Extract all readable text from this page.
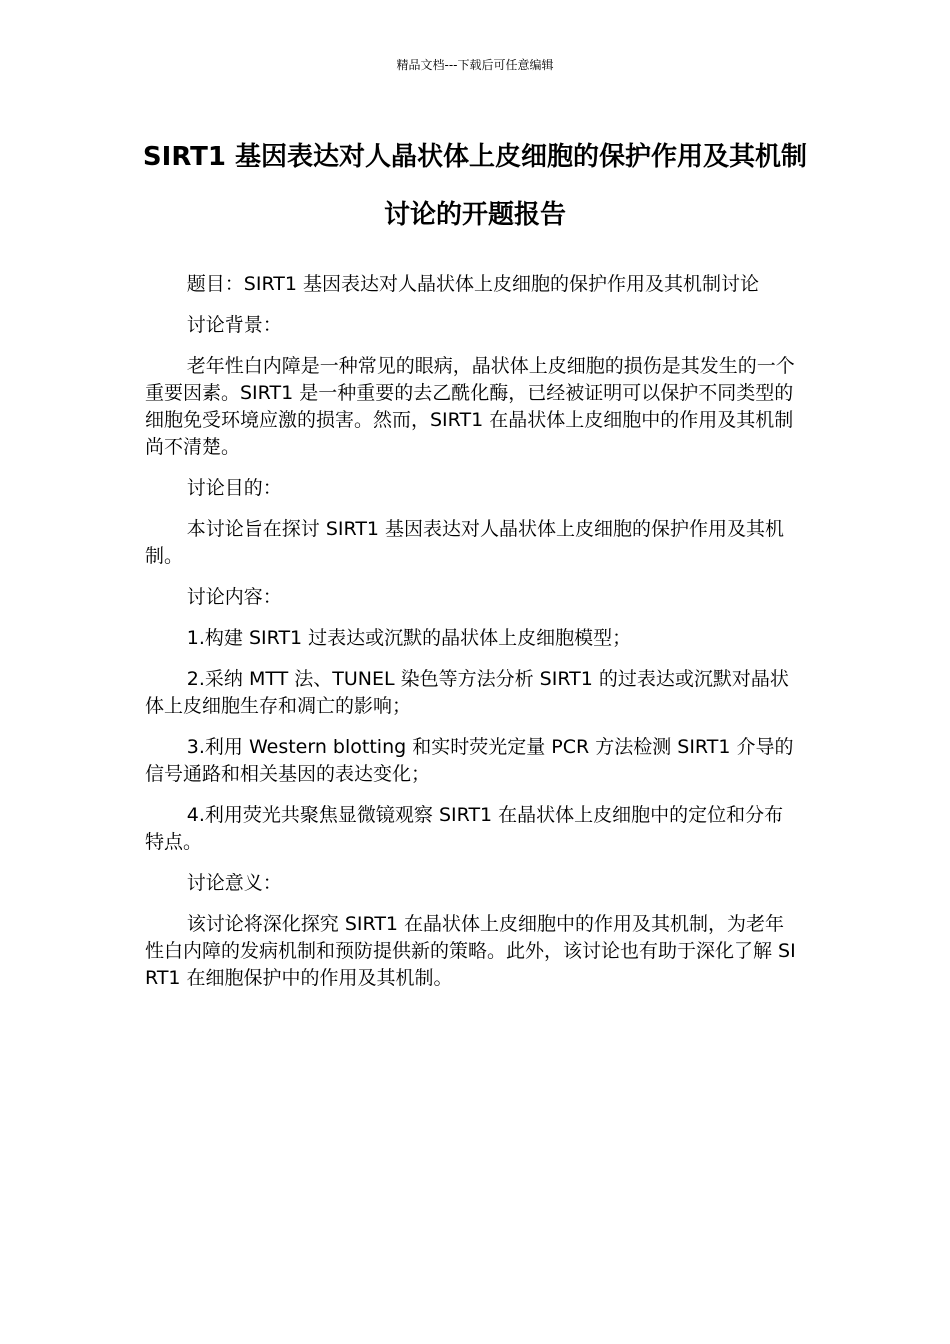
精品文档---下载后可任意编辑
SIRT1 基因表达对人晶状体上皮细胞的保护作用及其机制讨论的开题报告

题目：SIRT1 基因表达对人晶状体上皮细胞的保护作用及其机制讨论

讨论背景：

老年性白内障是一种常见的眼病，晶状体上皮细胞的损伤是其发生的一个重要因素。SIRT1 是一种重要的去乙酰化酶，已经被证明可以保护不同类型的细胞免受环境应激的损害。然而，SIRT1 在晶状体上皮细胞中的作用及其机制尚不清楚。

讨论目的：

本讨论旨在探讨 SIRT1 基因表达对人晶状体上皮细胞的保护作用及其机制。

讨论内容：

1.构建 SIRT1 过表达或沉默的晶状体上皮细胞模型；

2.采纳 MTT 法、TUNEL 染色等方法分析 SIRT1 的过表达或沉默对晶状体上皮细胞生存和凋亡的影响；

3.利用 Western blotting 和实时荧光定量 PCR 方法检测 SIRT1 介导的信号通路和相关基因的表达变化；

4.利用荧光共聚焦显微镜观察 SIRT1 在晶状体上皮细胞中的定位和分布特点。

讨论意义：

该讨论将深化探究 SIRT1 在晶状体上皮细胞中的作用及其机制，为老年性白内障的发病机制和预防提供新的策略。此外，该讨论也有助于深化了解 SIRT1 在细胞保护中的作用及其机制。
